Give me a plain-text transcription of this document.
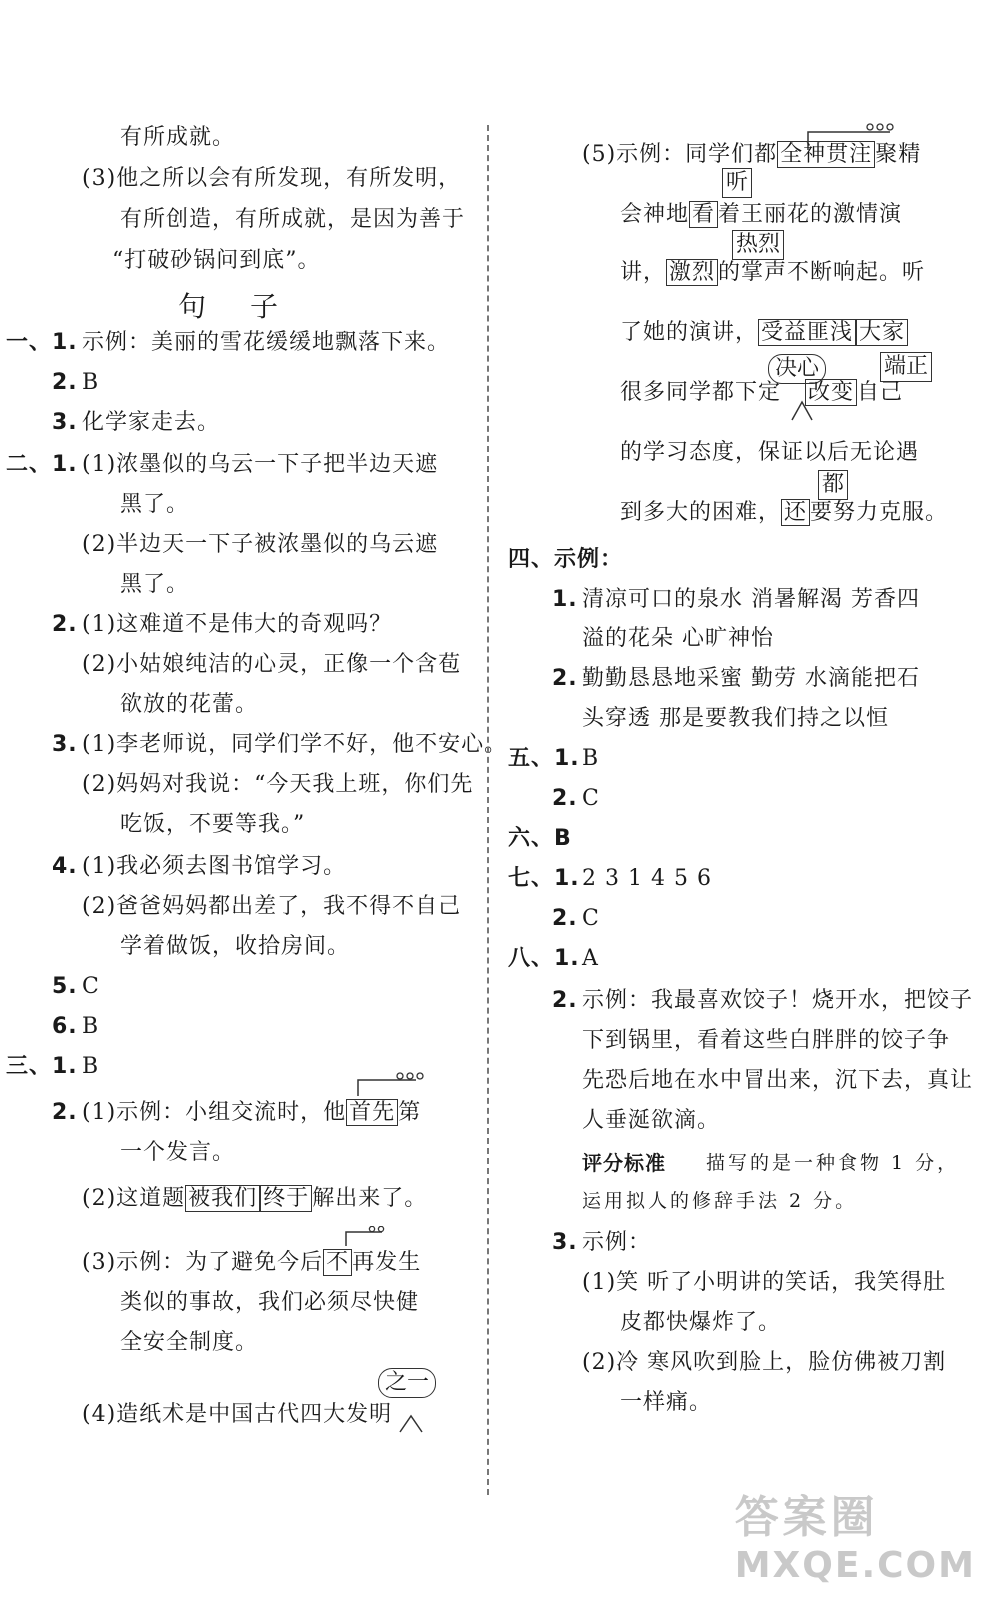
有所成就。
(3)他之所以会有所发现，有所发明，
有所创造，有所成就，是因为善于
“打破砂锅问到底”。
句子
一、1. 示例：美丽的雪花缓缓地飘落下来。
2. B
3. 化学家走去。
二、1. (1)浓墨似的乌云一下子把半边天遮
黑了。
(2)半边天一下子被浓墨似的乌云遮
黑了。
2. (1)这难道不是伟大的奇观吗？
(2)小姑娘纯洁的心灵，正像一个含苞
欲放的花蕾。
3. (1)李老师说，同学们学不好，他不安心。
(2)妈妈对我说：“今天我上班，你们先
吃饭，不要等我。”
4. (1)我必须去图书馆学习。
(2)爸爸妈妈都出差了，我不得不自己
学着做饭，收拾房间。
5. C
6. B
三、1. B
2. (1)示例：小组交流时，他 首先 第
一个发言。
(2)这道题 被我们 终于 解出来了。
(3)示例：为了避免今后 不 再发生
类似的事故，我们必须尽快健
全安全制度。
之一
(4)造纸术是中国古代四大发明
(5)示例：同学们都 全神贯注 聚精
听
会神地 看 着王丽花的激情演
热烈
讲， 激烈 的掌声不断响起。听
了她的演讲， 受益匪浅 大家
决心	端正
很多同学都下定 改变 自己
的学习态度，保证以后无论遇
都
到多大的困难， 还 要努力克服。
四、示例：
1. 清凉可口的泉水 消暑解渴 芳香四
溢的花朵 心旷神怡
2. 勤勤恳恳地采蜜 勤劳 水滴能把石
头穿透 那是要教我们持之以恒
五、1. B
2. C
六、B
七、1. 2 3 1 4 5 6
2. C
八、1. A
2. 示例：我最喜欢饺子！烧开水，把饺子
下到锅里，看着这些白胖胖的饺子争
先恐后地在水中冒出来，沉下去，真让
人垂涎欲滴。
评分标准 描写的是一种食物 1 分，
运用拟人的修辞手法 2 分。
3. 示例：
(1)笑 听了小明讲的笑话，我笑得肚
皮都快爆炸了。
(2)冷 寒风吹到脸上，脸仿佛被刀割
一样痛。
答案圈
MXQE.COM
